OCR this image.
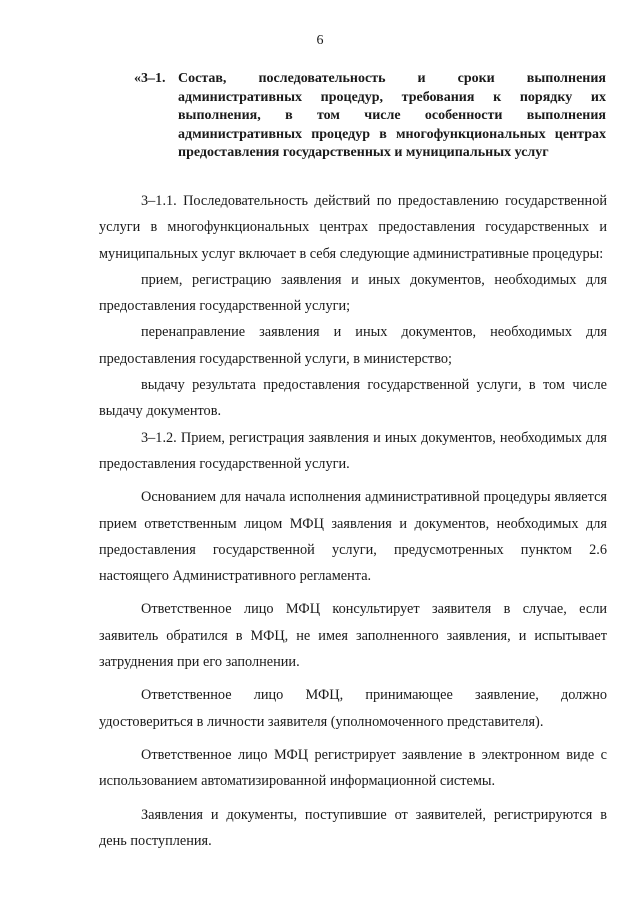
6
«3–1. Состав, последовательность и сроки выполнения административных процедур, требования к порядку их выполнения, в том числе особенности выполнения административных процедур в многофункциональных центрах предоставления государственных и муниципальных услуг

3–1.1. Последовательность действий по предоставлению государственной услуги в многофункциональных центрах предоставления государственных и муниципальных услуг включает в себя следующие административные процедуры:

прием, регистрацию заявления и иных документов, необходимых для предоставления государственной услуги;

перенаправление заявления и иных документов, необходимых для предоставления государственной услуги, в министерство;

выдачу результата предоставления государственной услуги, в том числе выдачу документов.

3–1.2. Прием, регистрация заявления и иных документов, необходимых для предоставления государственной услуги.

Основанием для начала исполнения административной процедуры является прием ответственным лицом МФЦ заявления и документов, необходимых для предоставления государственной услуги, предусмотренных пунктом 2.6 настоящего Административного регламента.

Ответственное лицо МФЦ консультирует заявителя в случае, если заявитель обратился в МФЦ, не имея заполненного заявления, и испытывает затруднения при его заполнении.

Ответственное лицо МФЦ, принимающее заявление, должно удостовериться в личности заявителя (уполномоченного представителя).

Ответственное лицо МФЦ регистрирует заявление в электронном виде с использованием автоматизированной информационной системы.

Заявления и документы, поступившие от заявителей, регистрируются в день поступления.
